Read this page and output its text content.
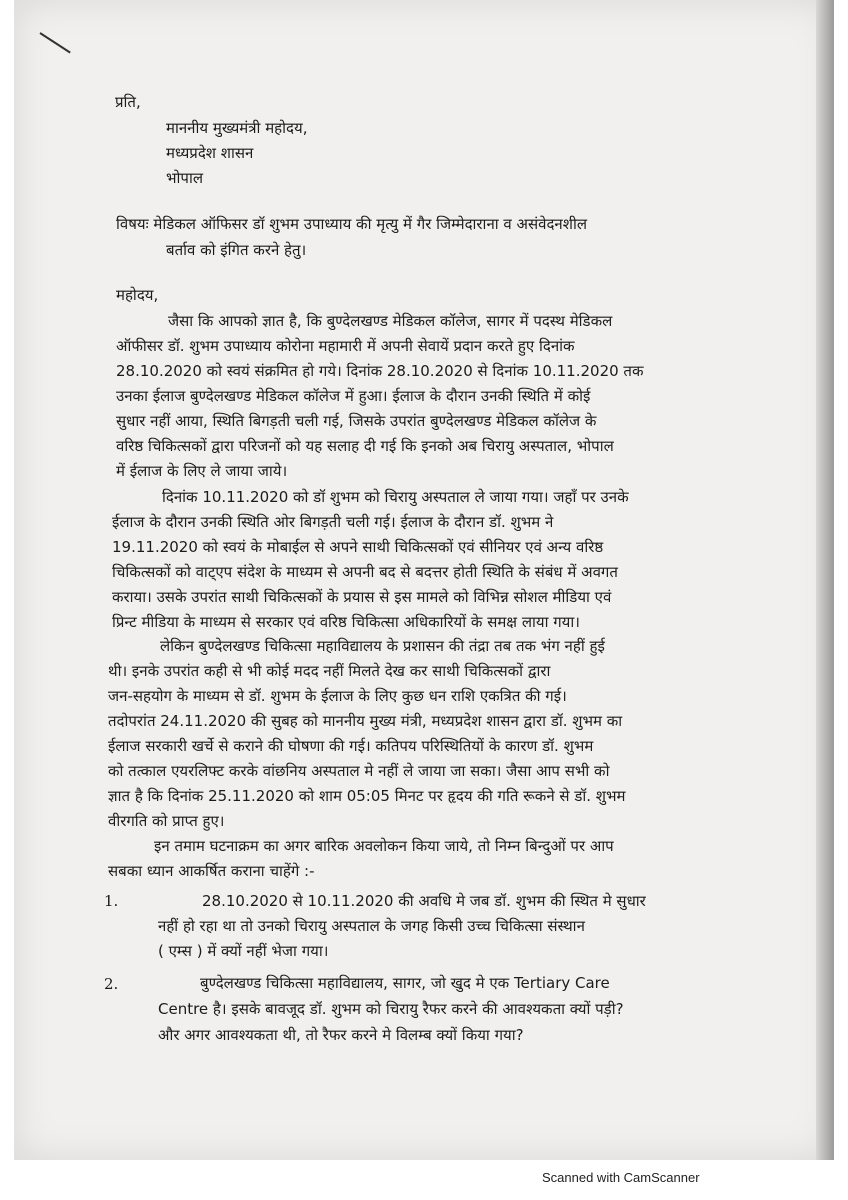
प्रति,
माननीय मुख्यमंत्री महोदय,
मध्यप्रदेश शासन
भोपाल
विषयः मेडिकल ऑफिसर डॉ शुभम उपाध्याय की मृत्यु में गैर जिम्मेदाराना व असंवेदनशील
बर्ताव को इंगित करने हेतु।
महोदय,
जैसा कि आपको ज्ञात है, कि बुण्देलखण्ड मेडिकल कॉलेज, सागर में पदस्थ मेडिकल
ऑफीसर डॉ. शुभम उपाध्याय कोरोना महामारी में अपनी सेवायें प्रदान करते हुए दिनांक
28.10.2020 को स्वयं संक्रमित हो गये। दिनांक 28.10.2020 से दिनांक 10.11.2020 तक
उनका ईलाज बुण्देलखण्ड मेडिकल कॉलेज में हुआ। ईलाज के दौरान उनकी स्थिति में कोई
सुधार नहीं आया, स्थिति बिगड़ती चली गई, जिसके उपरांत बुण्देलखण्ड मेडिकल कॉलेज के
वरिष्ठ चिकित्सकों द्वारा परिजनों को यह सलाह दी गई कि इनको अब चिरायु अस्पताल, भोपाल
में ईलाज के लिए ले जाया जाये।
दिनांक 10.11.2020 को डॉ शुभम को चिरायु अस्पताल ले जाया गया। जहाँ पर उनके
ईलाज के दौरान उनकी स्थिति ओर बिगड़ती चली गई। ईलाज के दौरान डॉ. शुभम ने
19.11.2020 को स्वयं के मोबाईल से अपने साथी चिकित्सकों एवं सीनियर एवं अन्य वरिष्ठ
चिकित्सकों को वाट्एप संदेश के माध्यम से अपनी बद से बदत्तर होती स्थिति के संबंध में अवगत
कराया। उसके उपरांत साथी चिकित्सकों के प्रयास से इस मामले को विभिन्न सोशल मीडिया एवं
प्रिन्ट मीडिया के माध्यम से सरकार एवं वरिष्ठ चिकित्सा अधिकारियों के समक्ष लाया गया।
लेकिन बुण्देलखण्ड चिकित्सा महाविद्यालय के प्रशासन की तंद्रा तब तक भंग नहीं हुई
थी। इनके उपरांत कही से भी कोई मदद नहीं मिलते देख कर साथी चिकित्सकों द्वारा
जन-सहयोग के माध्यम से डॉ. शुभम के ईलाज के लिए कुछ धन राशि एकत्रित की गई।
तदोपरांत 24.11.2020 की सुबह को माननीय मुख्य मंत्री, मध्यप्रदेश शासन द्वारा डॉ. शुभम का
ईलाज सरकारी खर्चे से कराने की घोषणा की गई। कतिपय परिस्थितियों के कारण डॉ. शुभम
को तत्काल एयरलिफ्ट करके वांछनिय अस्पताल मे नहीं ले जाया जा सका। जैसा आप सभी को
ज्ञात है कि दिनांक 25.11.2020 को शाम 05:05 मिनट पर हृदय की गति रूकने से डॉ. शुभम
वीरगति को प्राप्त हुए।
इन तमाम घटनाक्रम का अगर बारिक अवलोकन किया जाये, तो निम्न बिन्दुओं पर आप
सबका ध्यान आकर्षित कराना चाहेंगे :-
1.	28.10.2020 से 10.11.2020 की अवधि मे जब डॉ. शुभम की स्थित मे सुधार
नहीं हो रहा था तो उनको चिरायु अस्पताल के जगह किसी उच्च चिकित्सा संस्थान
( एम्स ) में क्यों नहीं भेजा गया।
2.	बुण्देलखण्ड चिकित्सा महाविद्यालय, सागर, जो खुद मे एक Tertiary Care
Centre है। इसके बावजूद डॉ. शुभम को चिरायु रैफर करने की आवश्यकता क्यों पड़ी?
और अगर आवश्यकता थी, तो रैफर करने मे विलम्ब क्यों किया गया?
Scanned with CamScanner
